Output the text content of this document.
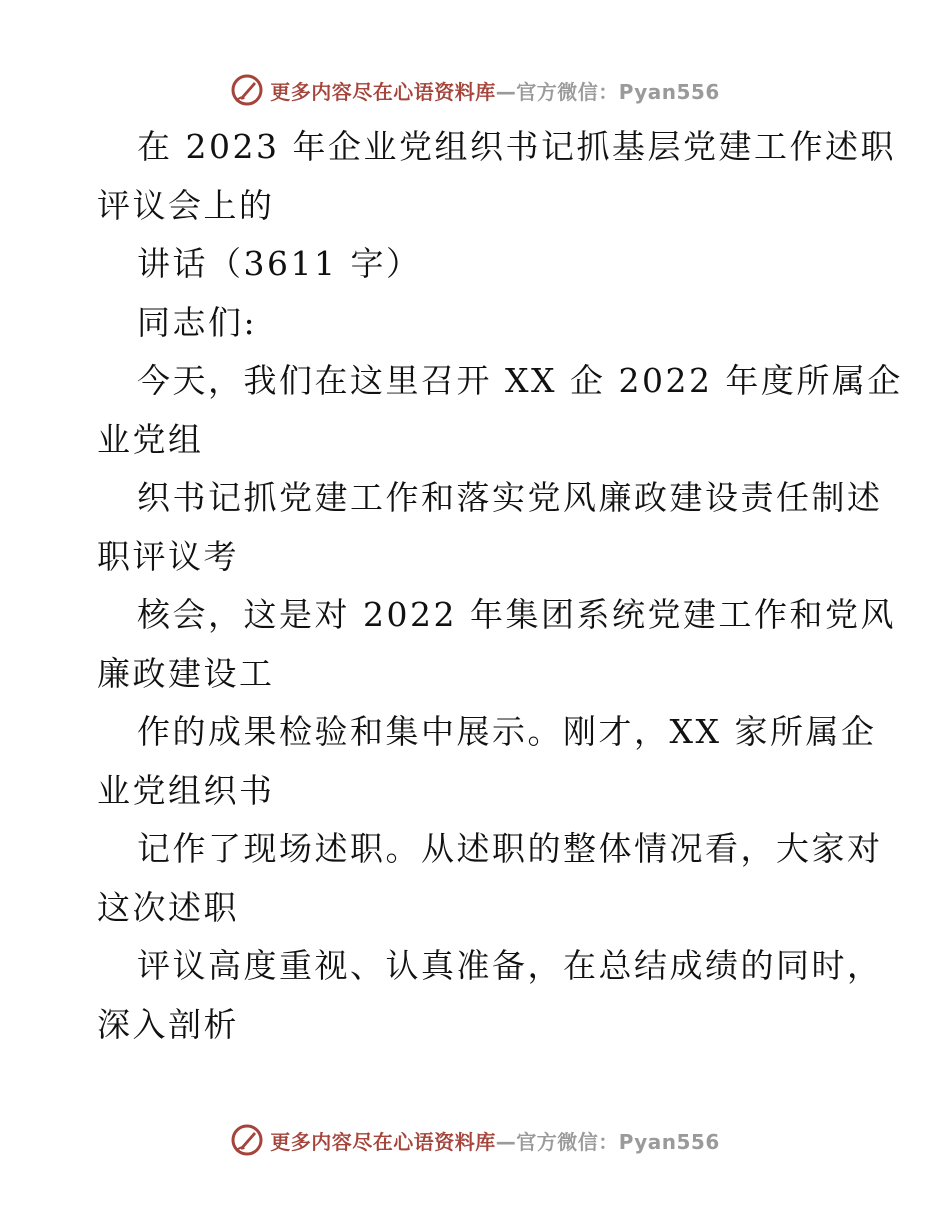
更多内容尽在心语资料库—官方微信：Pyan556
在 2023 年企业党组织书记抓基层党建工作述职
评议会上的
讲话（3611 字）
同志们:
今天，我们在这里召开 XX 企 2022 年度所属企
业党组
织书记抓党建工作和落实党风廉政建设责任制述
职评议考
核会，这是对 2022 年集团系统党建工作和党风
廉政建设工
作的成果检验和集中展示。刚才，XX 家所属企
业党组织书
记作了现场述职。从述职的整体情况看，大家对
这次述职
评议高度重视、认真准备，在总结成绩的同时，
深入剖析
更多内容尽在心语资料库—官方微信：Pyan556
